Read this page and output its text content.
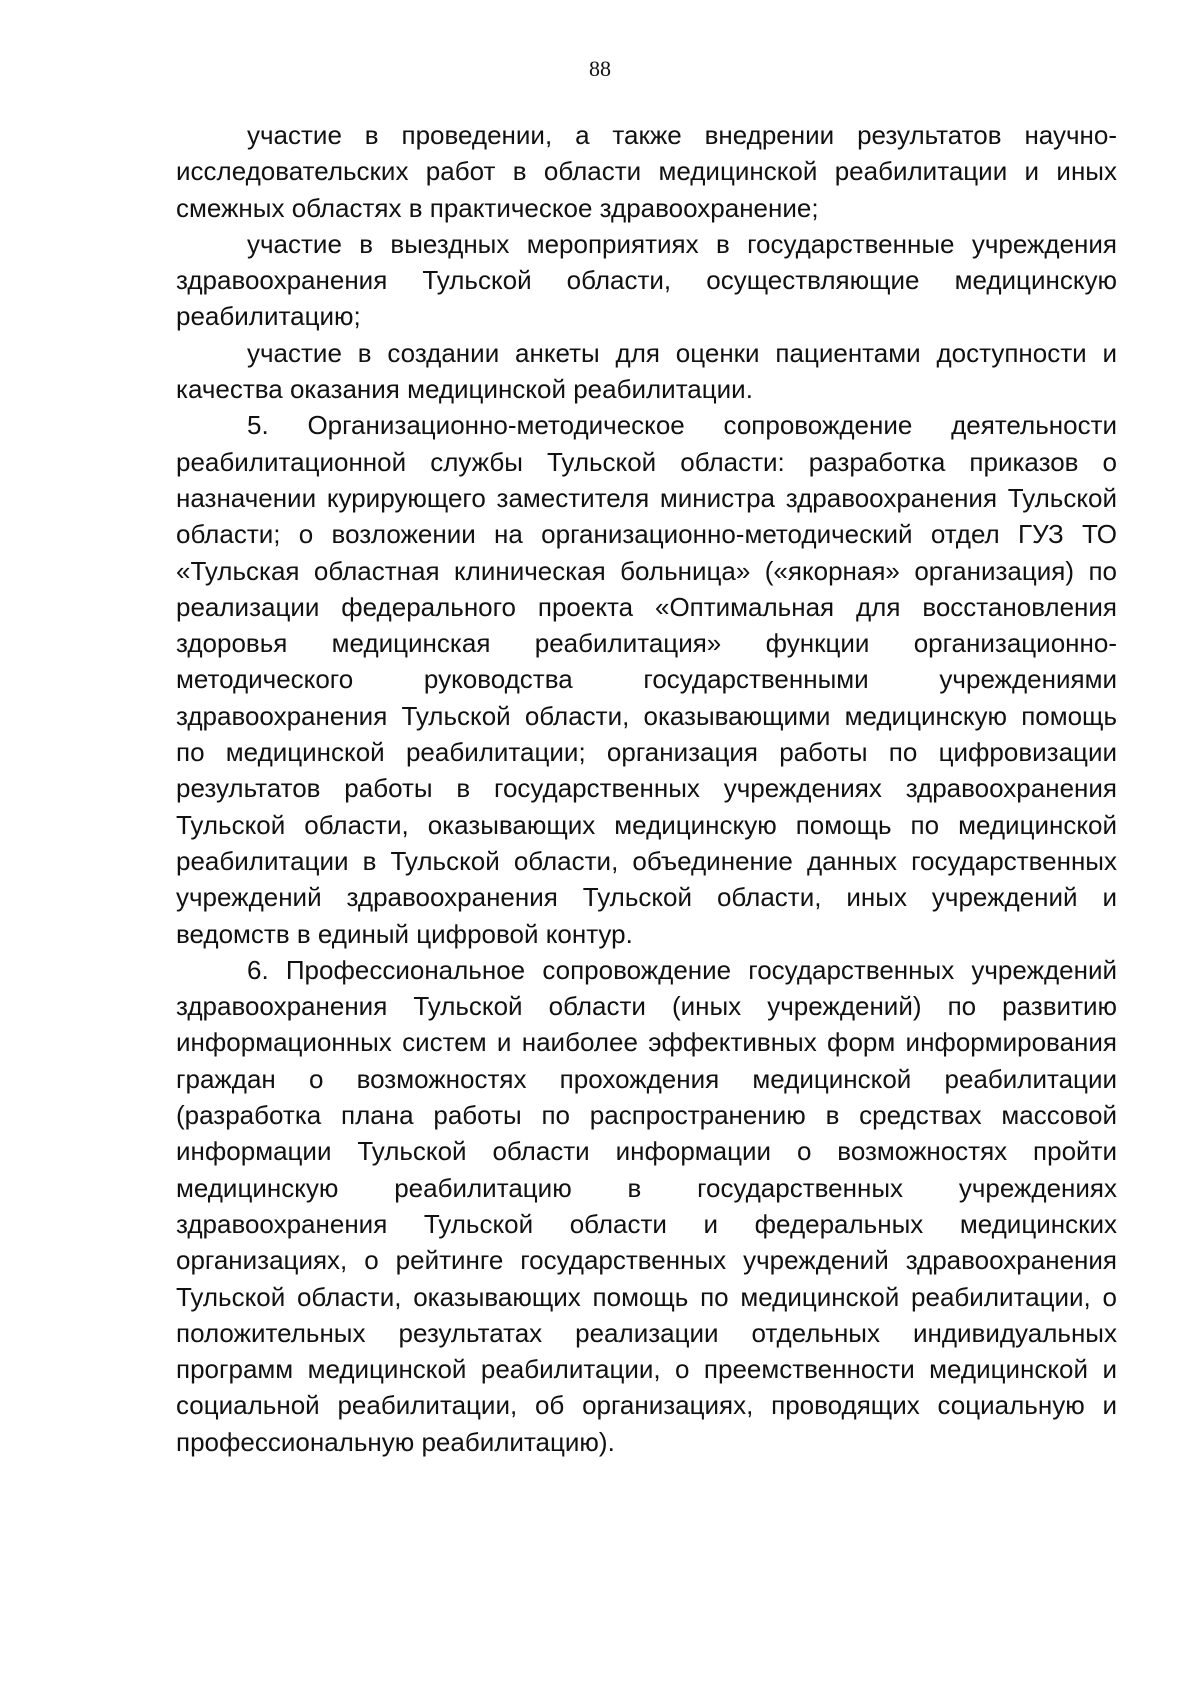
88

участие в проведении, а также внедрении результатов научно-исследовательских работ в области медицинской реабилитации и иных смежных областях в практическое здравоохранение;

участие в выездных мероприятиях в государственные учреждения здравоохранения Тульской области, осуществляющие медицинскую реабилитацию;

участие в создании анкеты для оценки пациентами доступности и качества оказания медицинской реабилитации.

5. Организационно-методическое сопровождение деятельности реабилитационной службы Тульской области: разработка приказов о назначении курирующего заместителя министра здравоохранения Тульской области; о возложении на организационно-методический отдел ГУЗ ТО «Тульская областная клиническая больница» («якорная» организация) по реализации федерального проекта «Оптимальная для восстановления здоровья медицинская реабилитация» функции организационно-методического руководства государственными учреждениями здравоохранения Тульской области, оказывающими медицинскую помощь по медицинской реабилитации; организация работы по цифровизации результатов работы в государственных учреждениях здравоохранения Тульской области, оказывающих медицинскую помощь по медицинской реабилитации в Тульской области, объединение данных государственных учреждений здравоохранения Тульской области, иных учреждений и ведомств в единый цифровой контур.

6. Профессиональное сопровождение государственных учреждений здравоохранения Тульской области (иных учреждений) по развитию информационных систем и наиболее эффективных форм информирования граждан о возможностях прохождения медицинской реабилитации (разработка плана работы по распространению в средствах массовой информации Тульской области информации о возможностях пройти медицинскую реабилитацию в государственных учреждениях здравоохранения Тульской области и федеральных медицинских организациях, о рейтинге государственных учреждений здравоохранения Тульской области, оказывающих помощь по медицинской реабилитации, о положительных результатах реализации отдельных индивидуальных программ медицинской реабилитации, о преемственности медицинской и социальной реабилитации, об организациях, проводящих социальную и профессиональную реабилитацию).
